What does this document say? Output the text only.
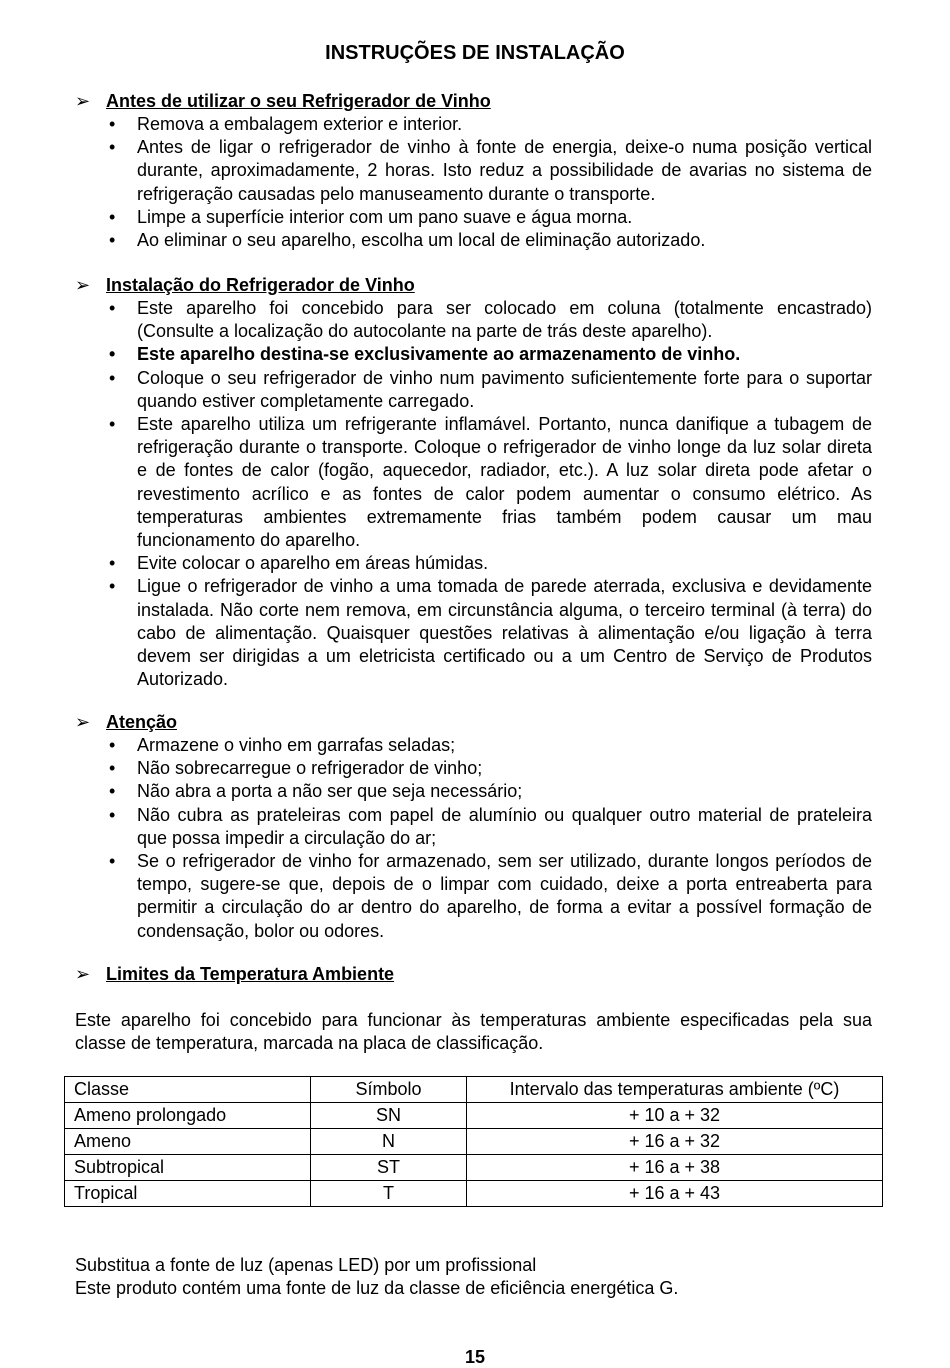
INSTRUÇÕES DE INSTALAÇÃO
➢ Antes de utilizar o seu Refrigerador de Vinho
• Remova a embalagem exterior e interior.
• Antes de ligar o refrigerador de vinho à fonte de energia, deixe-o numa posição vertical durante, aproximadamente, 2 horas. Isto reduz a possibilidade de avarias no sistema de refrigeração causadas pelo manuseamento durante o transporte.
• Limpe a superfície interior com um pano suave e água morna.
• Ao eliminar o seu aparelho, escolha um local de eliminação autorizado.
➢ Instalação do Refrigerador de Vinho
• Este aparelho foi concebido para ser colocado em coluna (totalmente encastrado) (Consulte a localização do autocolante na parte de trás deste aparelho).
• Este aparelho destina-se exclusivamente ao armazenamento de vinho.
• Coloque o seu refrigerador de vinho num pavimento suficientemente forte para o suportar quando estiver completamente carregado.
• Este aparelho utiliza um refrigerante inflamável. Portanto, nunca danifique a tubagem de refrigeração durante o transporte. Coloque o refrigerador de vinho longe da luz solar direta e de fontes de calor (fogão, aquecedor, radiador, etc.). A luz solar direta pode afetar o revestimento acrílico e as fontes de calor podem aumentar o consumo elétrico. As temperaturas ambientes extremamente frias também podem causar um mau funcionamento do aparelho.
• Evite colocar o aparelho em áreas húmidas.
• Ligue o refrigerador de vinho a uma tomada de parede aterrada, exclusiva e devidamente instalada. Não corte nem remova, em circunstância alguma, o terceiro terminal (à terra) do cabo de alimentação. Quaisquer questões relativas à alimentação e/ou ligação à terra devem ser dirigidas a um eletricista certificado ou a um Centro de Serviço de Produtos Autorizado.
➢ Atenção
• Armazene o vinho em garrafas seladas;
• Não sobrecarregue o refrigerador de vinho;
• Não abra a porta a não ser que seja necessário;
• Não cubra as prateleiras com papel de alumínio ou qualquer outro material de prateleira que possa impedir a circulação do ar;
• Se o refrigerador de vinho for armazenado, sem ser utilizado, durante longos períodos de tempo, sugere-se que, depois de o limpar com cuidado, deixe a porta entreaberta para permitir a circulação do ar dentro do aparelho, de forma a evitar a possível formação de condensação, bolor ou odores.
➢ Limites da Temperatura Ambiente
Este aparelho foi concebido para funcionar às temperaturas ambiente especificadas pela sua classe de temperatura, marcada na placa de classificação.
Classe	Símbolo	Intervalo das temperaturas ambiente (ºC)
Ameno prolongado	SN	+ 10 a + 32
Ameno	N	+ 16 a + 32
Subtropical	ST	+ 16 a + 38
Tropical	T	+ 16 a + 43
Substitua a fonte de luz (apenas LED) por um profissional
Este produto contém uma fonte de luz da classe de eficiência energética G.
15
